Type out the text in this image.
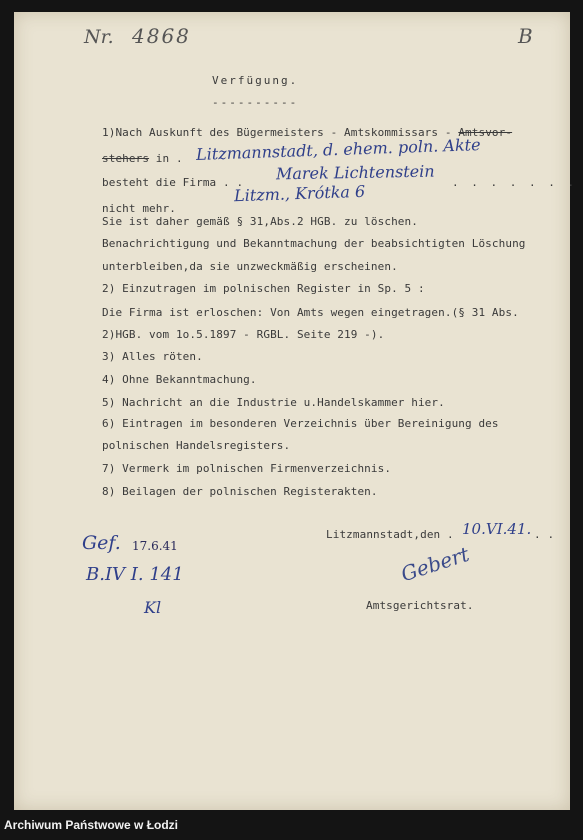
Nr. 4868	B
Verfügung.
----------
1)Nach Auskunft des Bügermeisters - Amtskommissars - Amtsvor-
stehers in . Litzmannstadt, d. ehem. poln. Akte
besteht die Firma . . Marek Lichtenstein . . . . . . .
nicht mehr.
Litzm., Krótka 6
Sie ist daher gemäß § 31,Abs.2 HGB. zu löschen.
Benachrichtigung und Bekanntmachung der beabsichtigten Löschung
unterbleiben,da sie unzweckmäßig erscheinen.
2) Einzutragen im polnischen Register in Sp. 5 :
Die Firma ist erloschen: Von Amts wegen eingetragen.(§ 31 Abs.
2)HGB. vom 1o.5.1897 - RGBL. Seite 219 -).
3) Alles röten.
4) Ohne Bekanntmachung.
5) Nachricht an die Industrie u.Handelskammer hier.
6) Eintragen im besonderen Verzeichnis über Bereinigung des
polnischen Handelsregisters.
7) Vermerk im polnischen Firmenverzeichnis.
8) Beilagen der polnischen Registerakten.
Litzmannstadt,den . 10.VI.41. . .
Gebert
Amtsgerichtsrat.
Gef. 17.6.41
B.IV I. 141
Kl
Archiwum Państwowe w Łodzi
